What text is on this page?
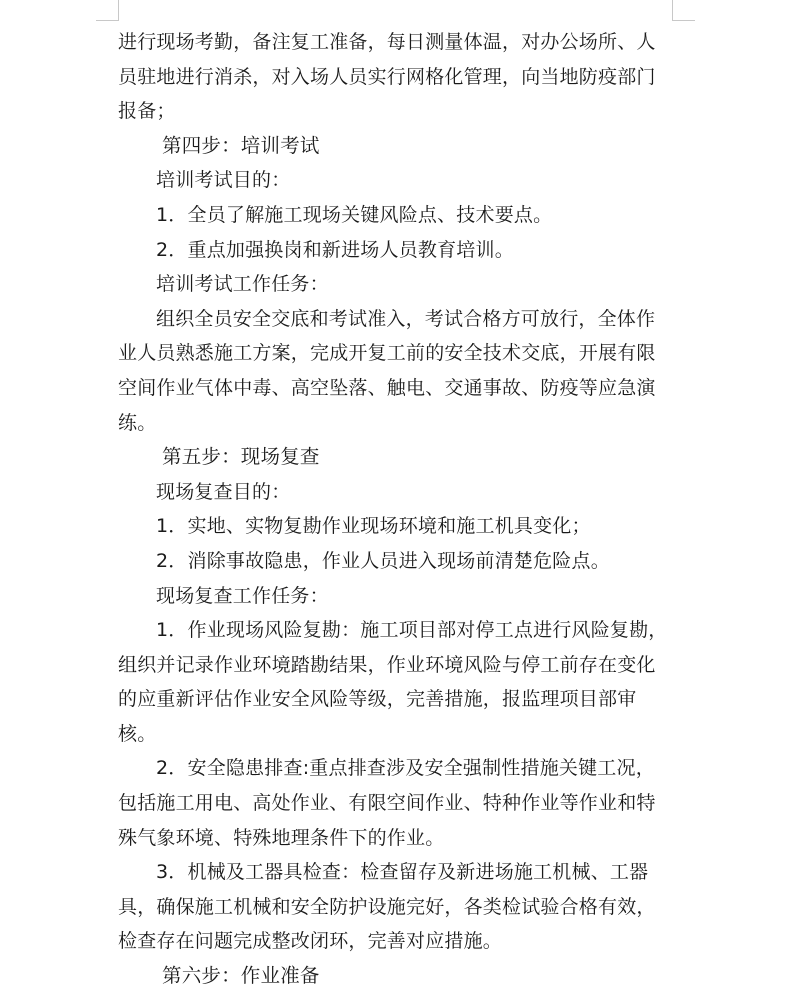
进行现场考勤，备注复工准备，每日测量体温，对办公场所、人员驻地进行消杀，对入场人员实行网格化管理，向当地防疫部门报备；

第四步：培训考试

培训考试目的：

1．全员了解施工现场关键风险点、技术要点。

2．重点加强换岗和新进场人员教育培训。

培训考试工作任务：

组织全员安全交底和考试准入，考试合格方可放行，全体作业人员熟悉施工方案，完成开复工前的安全技术交底，开展有限空间作业气体中毒、高空坠落、触电、交通事故、防疫等应急演练。

第五步：现场复查

现场复查目的：

1．实地、实物复勘作业现场环境和施工机具变化；

2．消除事故隐患，作业人员进入现场前清楚危险点。

现场复查工作任务：

1．作业现场风险复勘：施工项目部对停工点进行风险复勘，组织并记录作业环境踏勘结果，作业环境风险与停工前存在变化的应重新评估作业安全风险等级，完善措施，报监理项目部审核。

2．安全隐患排查:重点排查涉及安全强制性措施关键工况，包括施工用电、高处作业、有限空间作业、特种作业等作业和特殊气象环境、特殊地理条件下的作业。

3．机械及工器具检查：检查留存及新进场施工机械、工器具，确保施工机械和安全防护设施完好，各类检试验合格有效，检查存在问题完成整改闭环，完善对应措施。

第六步：作业准备
